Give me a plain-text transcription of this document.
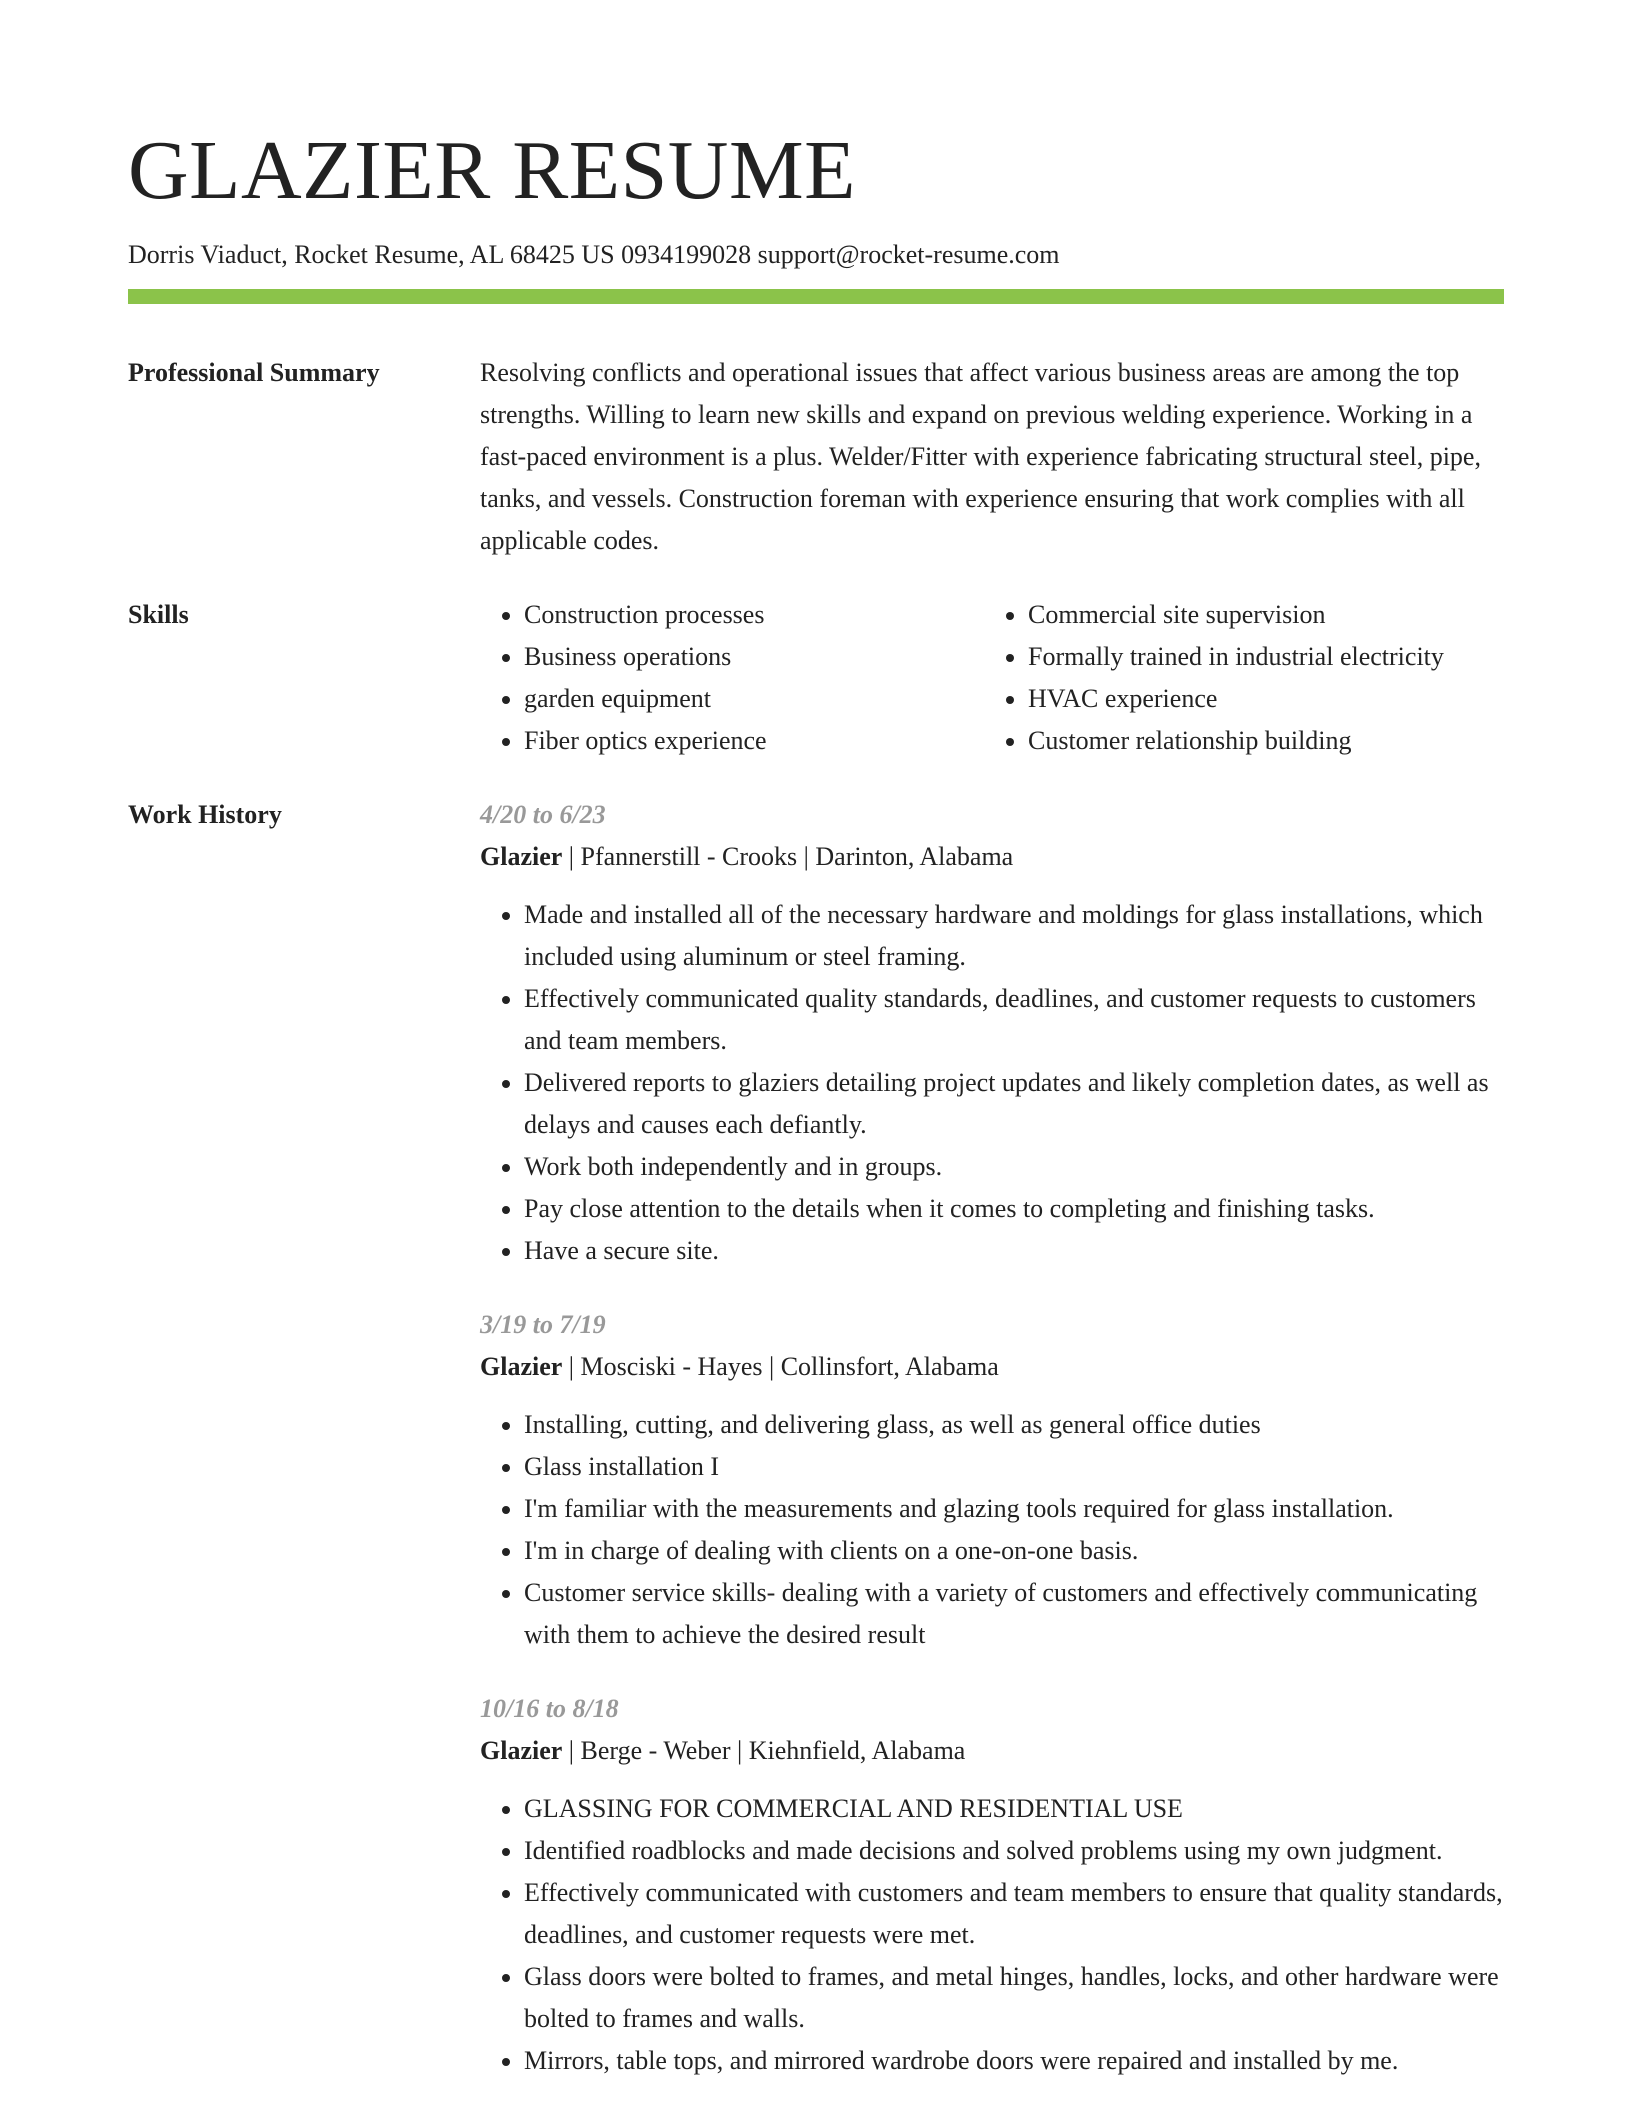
GLAZIER RESUME
Dorris Viaduct, Rocket Resume, AL 68425 US 0934199028 support@rocket-resume.com
Professional Summary	Resolving conflicts and operational issues that affect various business areas are among the top strengths. Willing to learn new skills and expand on previous welding experience. Working in a fast-paced environment is a plus. Welder/Fitter with experience fabricating structural steel, pipe, tanks, and vessels. Construction foreman with experience ensuring that work complies with all applicable codes.

Skills
•	Construction processes
• Business operations
• garden equipment
• Fiber optics experience
• Commercial site supervision
• Formally trained in industrial electricity
• HVAC experience
• Customer relationship building
Work History	4/20 to 6/23
Glazier | Pfannerstill - Crooks | Darinton, Alabama
• Made and installed all of the necessary hardware and moldings for glass installations, which included using aluminum or steel framing.
• Effectively communicated quality standards, deadlines, and customer requests to customers and team members.
• Delivered reports to glaziers detailing project updates and likely completion dates, as well as delays and causes each defiantly.
• Work both independently and in groups.
• Pay close attention to the details when it comes to completing and finishing tasks.
• Have a secure site.
3/19 to 7/19
Glazier | Mosciski - Hayes | Collinsfort, Alabama
• Installing, cutting, and delivering glass, as well as general office duties
• Glass installation I
• I'm familiar with the measurements and glazing tools required for glass installation.
• I'm in charge of dealing with clients on a one-on-one basis.
• Customer service skills- dealing with a variety of customers and effectively communicating with them to achieve the desired result
10/16 to 8/18
Glazier | Berge - Weber | Kiehnfield, Alabama
• GLASSING FOR COMMERCIAL AND RESIDENTIAL USE
• Identified roadblocks and made decisions and solved problems using my own judgment.
• Effectively communicated with customers and team members to ensure that quality standards, deadlines, and customer requests were met.
• Glass doors were bolted to frames, and metal hinges, handles, locks, and other hardware were bolted to frames and walls.
• Mirrors, table tops, and mirrored wardrobe doors were repaired and installed by me.
